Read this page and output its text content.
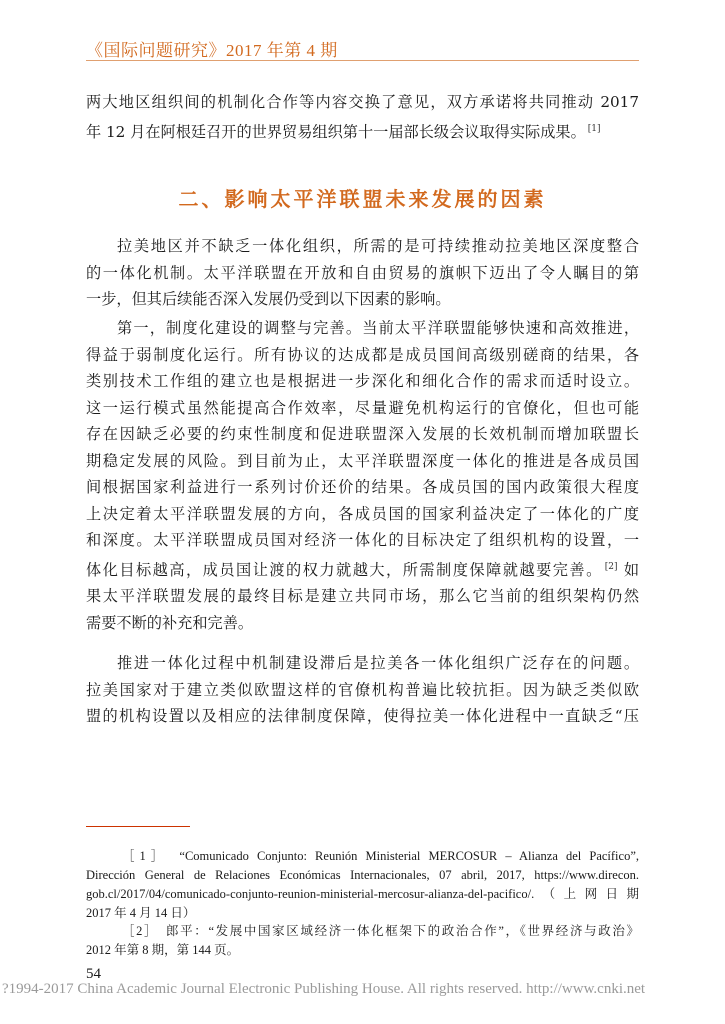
《国际问题研究》2017 年第 4 期

两大地区组织间的机制化合作等内容交换了意见，双方承诺将共同推动 2017
年 12 月在阿根廷召开的世界贸易组织第十一届部长级会议取得实际成果。 [1]

二、影响太平洋联盟未来发展的因素

拉美地区并不缺乏一体化组织，所需的是可持续推动拉美地区深度整合
的一体化机制。太平洋联盟在开放和自由贸易的旗帜下迈出了令人瞩目的第
一步，但其后续能否深入发展仍受到以下因素的影响。

第一，制度化建设的调整与完善。当前太平洋联盟能够快速和高效推进，
得益于弱制度化运行。所有协议的达成都是成员国间高级别磋商的结果，各
类别技术工作组的建立也是根据进一步深化和细化合作的需求而适时设立。
这一运行模式虽然能提高合作效率，尽量避免机构运行的官僚化，但也可能
存在因缺乏必要的约束性制度和促进联盟深入发展的长效机制而增加联盟长
期稳定发展的风险。到目前为止，太平洋联盟深度一体化的推进是各成员国
间根据国家利益进行一系列讨价还价的结果。各成员国的国内政策很大程度
上决定着太平洋联盟发展的方向，各成员国的国家利益决定了一体化的广度
和深度。太平洋联盟成员国对经济一体化的目标决定了组织机构的设置，一
体化目标越高，成员国让渡的权力就越大，所需制度保障就越要完善。 [2] 如
果太平洋联盟发展的最终目标是建立共同市场，那么它当前的组织架构仍然
需要不断的补充和完善。

推进一体化过程中机制建设滞后是拉美各一体化组织广泛存在的问题。
拉美国家对于建立类似欧盟这样的官僚机构普遍比较抗拒。因为缺乏类似欧
盟的机构设置以及相应的法律制度保障，使得拉美一体化进程中一直缺乏“压

［1］　“Comunicado Conjunto: Reunión Ministerial MERCOSUR – Alianza del Pacífico”,
Dirección General de Relaciones Económicas Internacionales, 07 abril, 2017, https://www.direcon.
gob.cl/2017/04/comunicado-conjunto-reunion-ministerial-mercosur-alianza-del-pacifico/.（上网日期
2017 年 4 月 14 日）

［2］　郎平：“发展中国家区域经济一体化框架下的政治合作”，《世界经济与政治》
2012 年第 8 期，第 144 页。

54
?1994-2017 China Academic Journal Electronic Publishing House. All rights reserved. http://www.cnki.net
